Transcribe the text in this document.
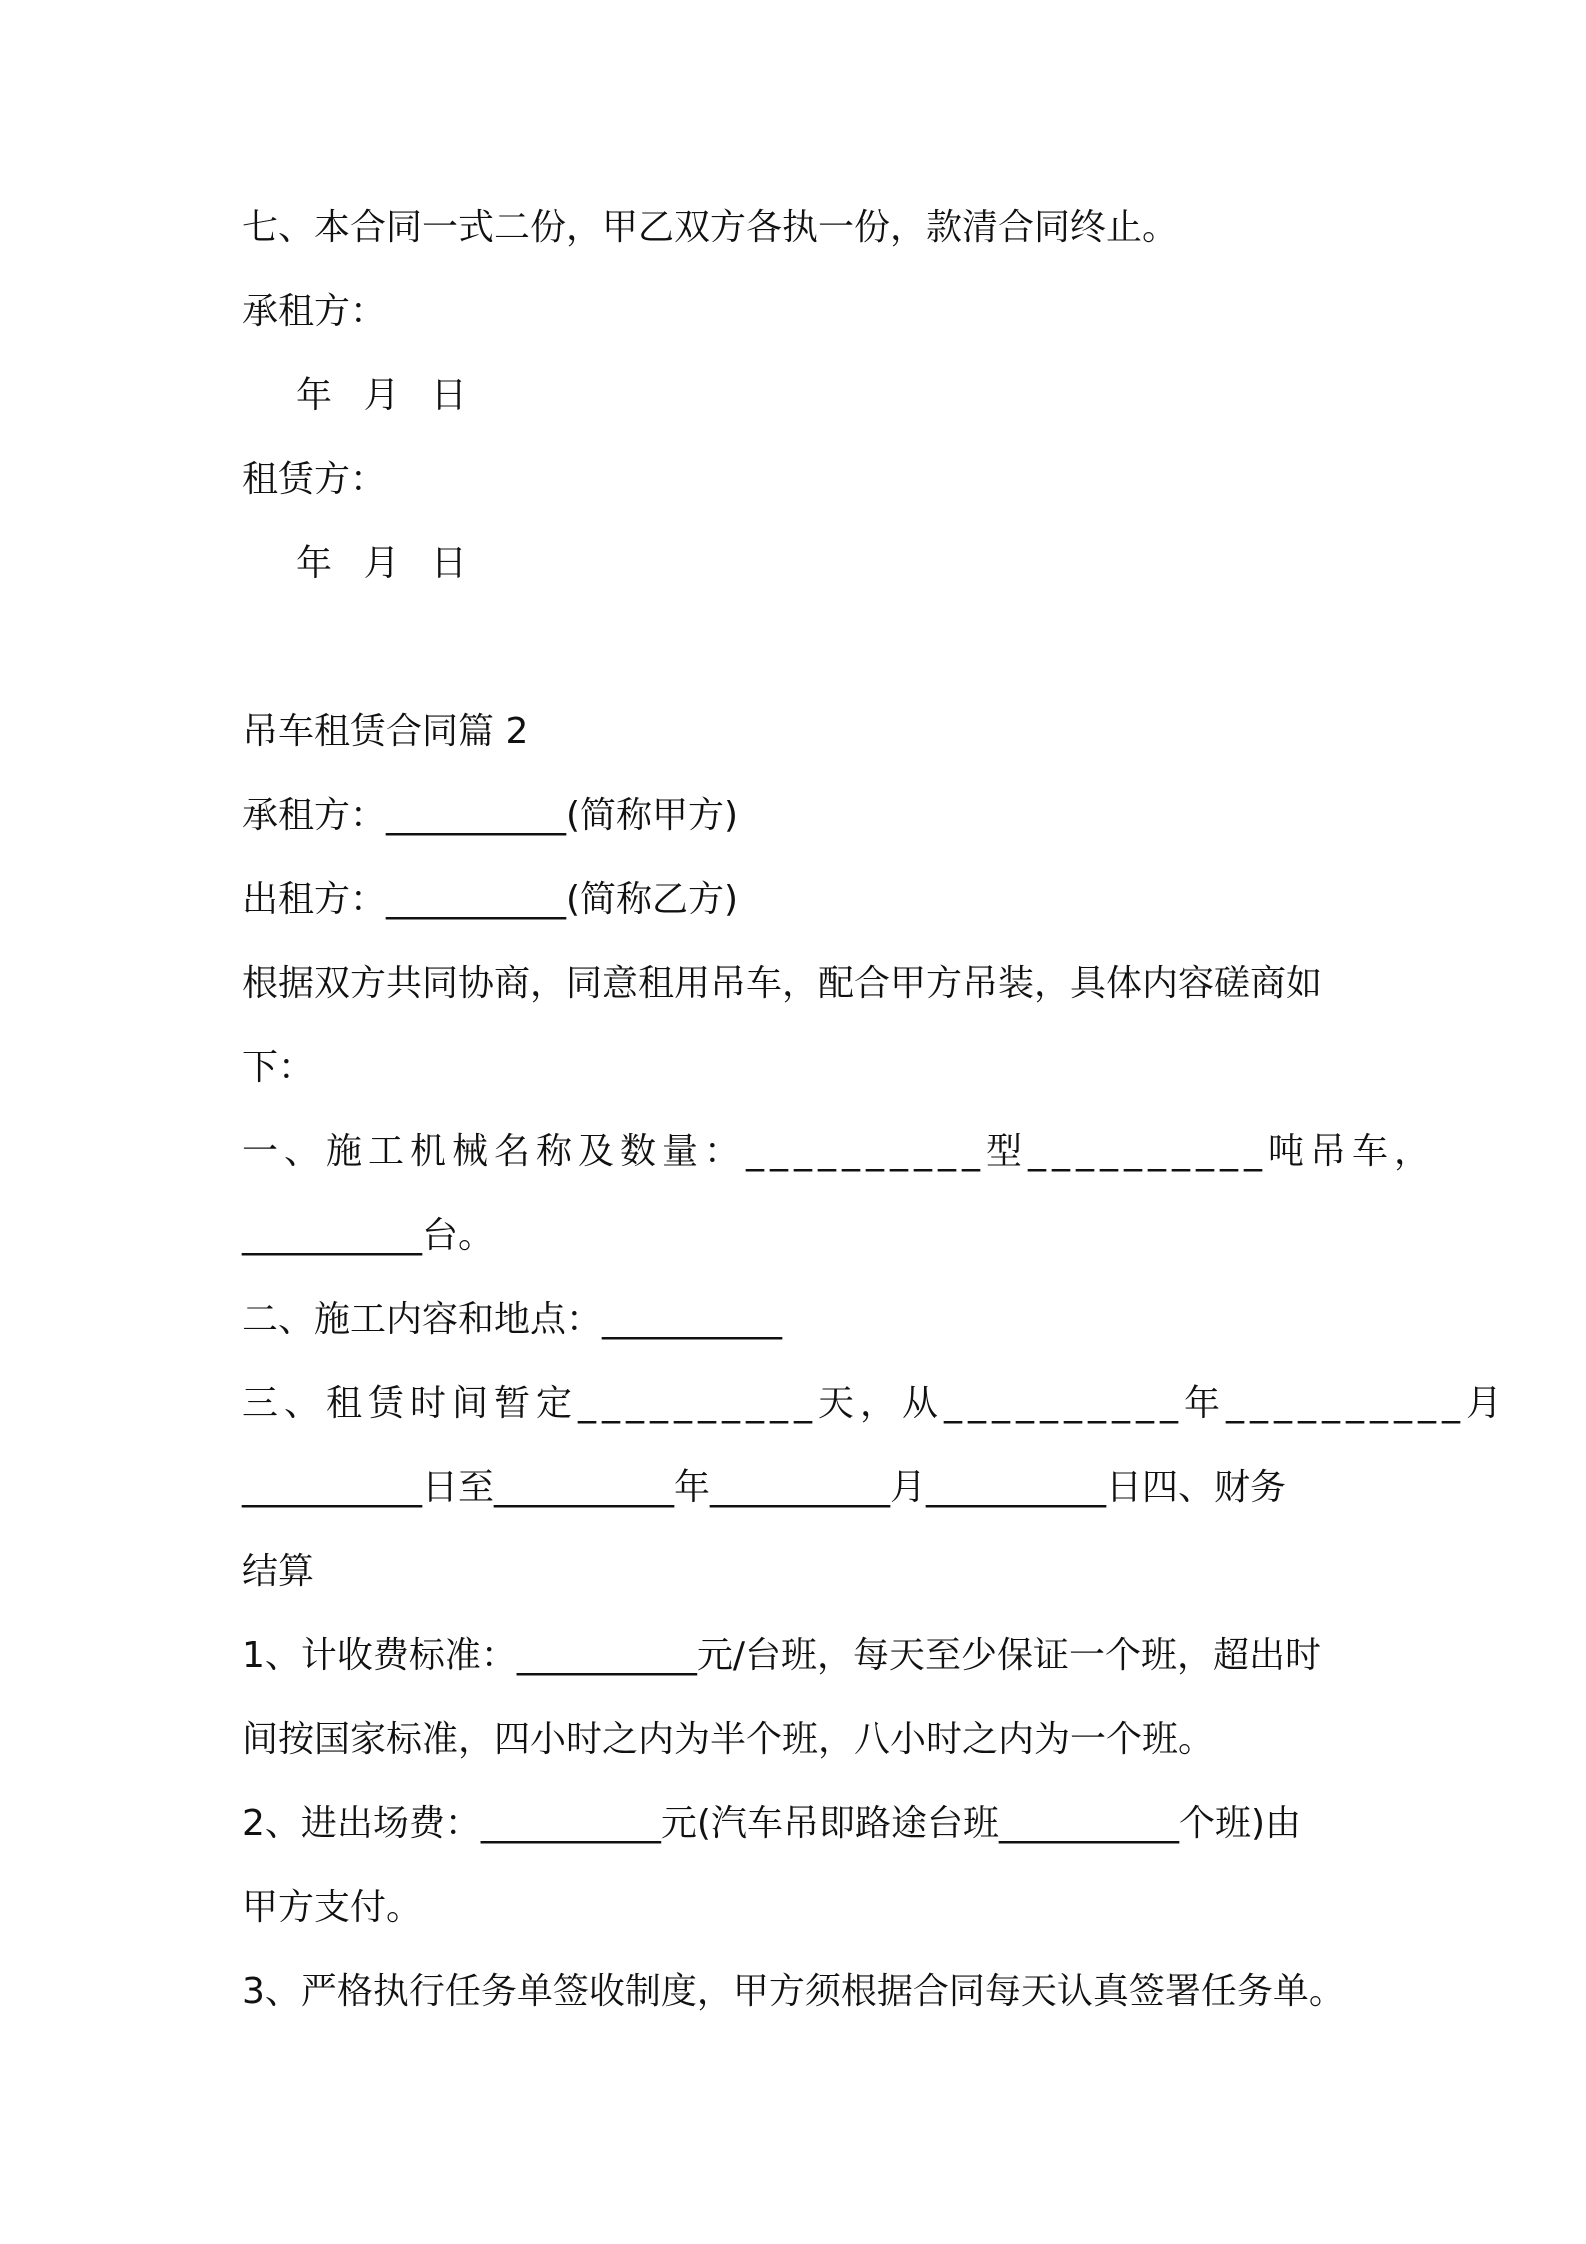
七、本合同一式二份，甲乙双方各执一份，款清合同终止。
承租方：
年 月 日
租赁方：
年 月 日
吊车租赁合同篇 2
承租方：__________(简称甲方)
出租方：__________(简称乙方)
根据双方共同协商，同意租用吊车，配合甲方吊装，具体内容磋商如
下：
一、施工机械名称及数量：__________型__________吨吊车，
__________台。
二、施工内容和地点：__________
三、租赁时间暂定__________天，从__________年__________月
__________日至__________年__________月__________日四、财务
结算
1、计收费标准：__________元/台班，每天至少保证一个班，超出时
间按国家标准，四小时之内为半个班，八小时之内为一个班。
2、进出场费：__________元(汽车吊即路途台班__________个班)由
甲方支付。
3、严格执行任务单签收制度，甲方须根据合同每天认真签署任务单。
